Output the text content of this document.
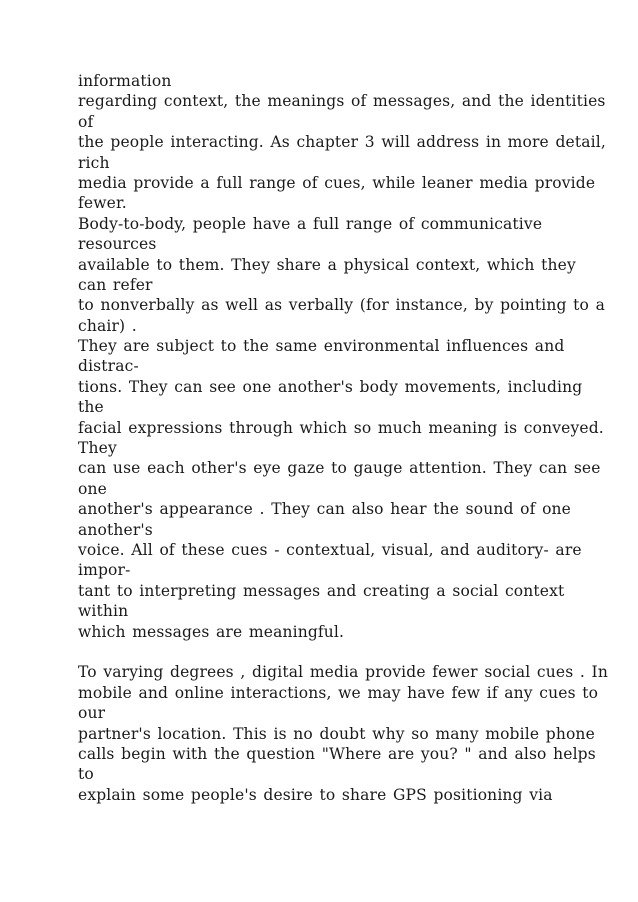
information
regarding context, the meanings of messages, and the identities
of
the people interacting. As chapter 3 will address in more detail,
rich
media provide a full range of cues, while leaner media provide
fewer.
Body-to-body, people have a full range of communicative
resources
available to them. They share a physical context, which they
can refer
to nonverbally as well as verbally (for instance, by pointing to a
chair) .
They are subject to the same environmental influences and
distrac-
tions. They can see one another's body movements, including
the
facial expressions through which so much meaning is conveyed.
They
can use each other's eye gaze to gauge attention. They can see
one
another's appearance . They can also hear the sound of one
another's
voice. All of these cues - contextual, visual, and auditory- are
impor-
tant to interpreting messages and creating a social context
within
which messages are meaningful.
To varying degrees , digital media provide fewer social cues . In
mobile and online interactions, we may have few if any cues to
our
partner's location. This is no doubt why so many mobile phone
calls begin with the question "Where are you? " and also helps
to
explain some people's desire to share GPS positioning via
